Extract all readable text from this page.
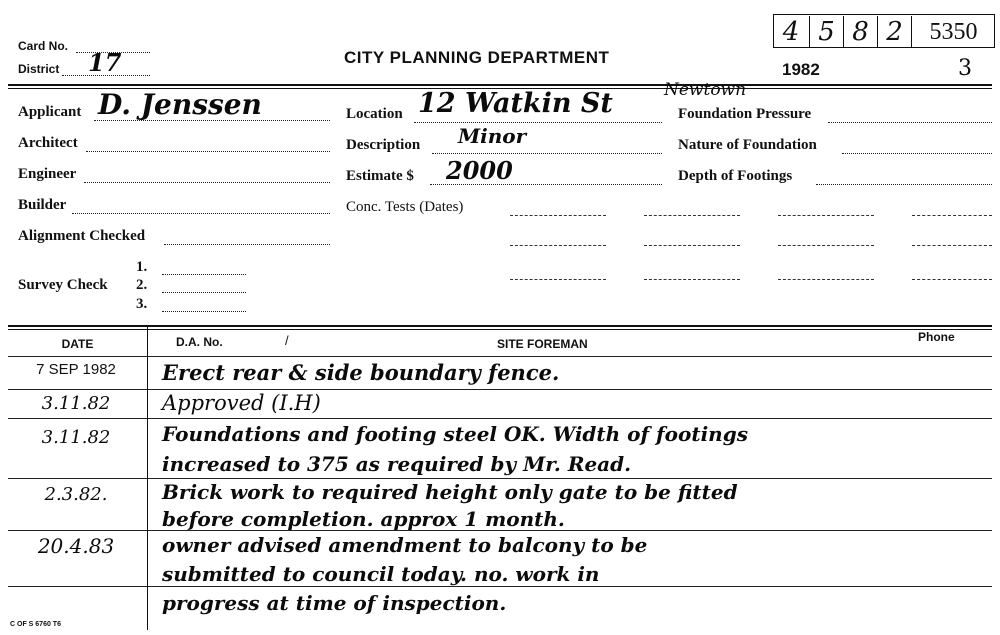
Card No.
District 17	CITY PLANNING DEPARTMENT
1982
4 5 8 2	5350
3
Applicant D. Jenssen
Architect
Engineer
Builder
Alignment Checked
Survey Check
1.
2.
3.
Location 12 Watkin St	Newtown
Description Minor
Estimate $ 2000
Conc. Tests (Dates)
Foundation Pressure
Nature of Foundation
Depth of Footings
DATE	D.A. No.	/	SITE FOREMAN	Phone
7 SEP 1982	Erect rear & side boundary fence.
3.11.82	Approved (I.H)
3.11.82	Foundations and footing steel OK. Width of footings
increased to 375 as required by Mr. Read.
2.3.82.	Brick work to required height only gate to be fitted
before completion. approx 1 month.
20.4.83	owner advised amendment to balcony to be
submitted to council today. no. work in
progress at time of inspection.
C OF S 6760 T6
